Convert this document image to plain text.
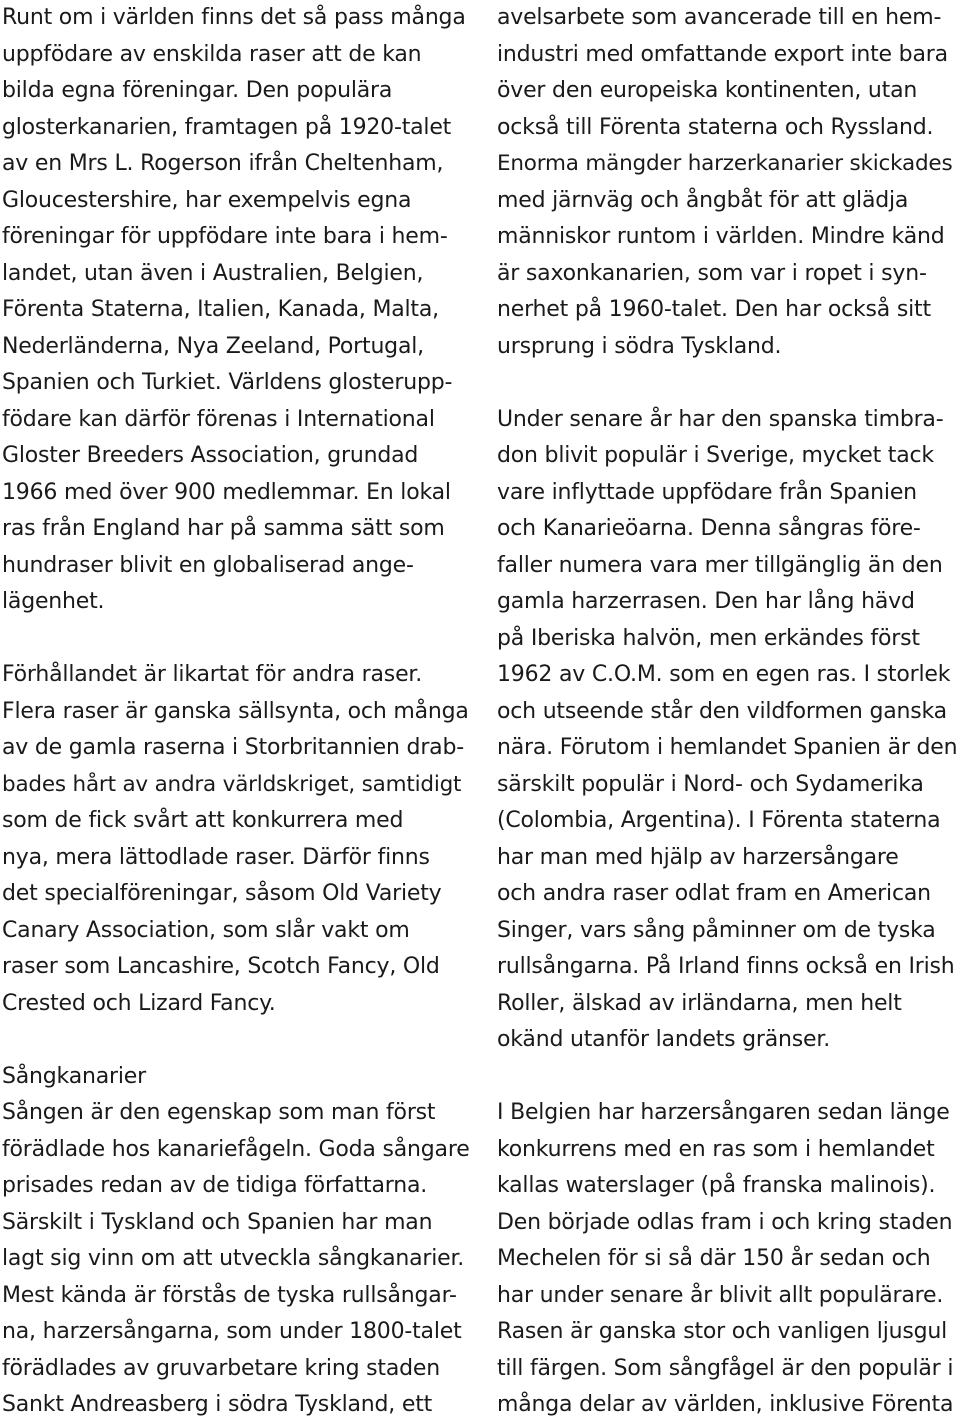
Runt om i världen finns det så pass många
uppfödare av enskilda raser att de kan
bilda egna föreningar. Den populära
glosterkanarien, framtagen på 1920-talet
av en Mrs L. Rogerson ifrån Cheltenham,
Gloucestershire, har exempelvis egna
föreningar för uppfödare inte bara i hem-
landet, utan även i Australien, Belgien,
Förenta Staterna, Italien, Kanada, Malta,
Nederländerna, Nya Zeeland, Portugal,
Spanien och Turkiet. Världens glosterupp-
födare kan därför förenas i International
Gloster Breeders Association, grundad
1966 med över 900 medlemmar. En lokal
ras från England har på samma sätt som
hundraser blivit en globaliserad ange-
lägenhet.
Förhållandet är likartat för andra raser.
Flera raser är ganska sällsynta, och många
av de gamla raserna i Storbritannien drab-
bades hårt av andra världskriget, samtidigt
som de fick svårt att konkurrera med
nya, mera lättodlade raser. Därför finns
det specialföreningar, såsom Old Variety
Canary Association, som slår vakt om
raser som Lancashire, Scotch Fancy, Old
Crested och Lizard Fancy.
Sångkanarier
Sången är den egenskap som man först
förädlade hos kanariefågeln. Goda sångare
prisades redan av de tidiga författarna.
Särskilt i Tyskland och Spanien har man
lagt sig vinn om att utveckla sångkanarier.
Mest kända är förstås de tyska rullsångar-
na, harzersångarna, som under 1800-talet
förädlades av gruvarbetare kring staden
Sankt Andreasberg i södra Tyskland, ett
avelsarbete som avancerade till en hem-
industri med omfattande export inte bara
över den europeiska kontinenten, utan
också till Förenta staterna och Ryssland.
Enorma mängder harzerkanarier skickades
med järnväg och ångbåt för att glädja
människor runtom i världen. Mindre känd
är saxonkanarien, som var i ropet i syn-
nerhet på 1960-talet. Den har också sitt
ursprung i södra Tyskland.
Under senare år har den spanska timbra-
don blivit populär i Sverige, mycket tack
vare inflyttade uppfödare från Spanien
och Kanarieöarna. Denna sångras före-
faller numera vara mer tillgänglig än den
gamla harzerrasen. Den har lång hävd
på Iberiska halvön, men erkändes först
1962 av C.O.M. som en egen ras. I storlek
och utseende står den vildformen ganska
nära. Förutom i hemlandet Spanien är den
särskilt populär i Nord- och Sydamerika
(Colombia, Argentina). I Förenta staterna
har man med hjälp av harzersångare
och andra raser odlat fram en American
Singer, vars sång påminner om de tyska
rullsångarna. På Irland finns också en Irish
Roller, älskad av irländarna, men helt
okänd utanför landets gränser.
I Belgien har harzersångaren sedan länge
konkurrens med en ras som i hemlandet
kallas waterslager (på franska malinois).
Den började odlas fram i och kring staden
Mechelen för si så där 150 år sedan och
har under senare år blivit allt populärare.
Rasen är ganska stor och vanligen ljusgul
till färgen. Som sångfågel är den populär i
många delar av världen, inklusive Förenta
